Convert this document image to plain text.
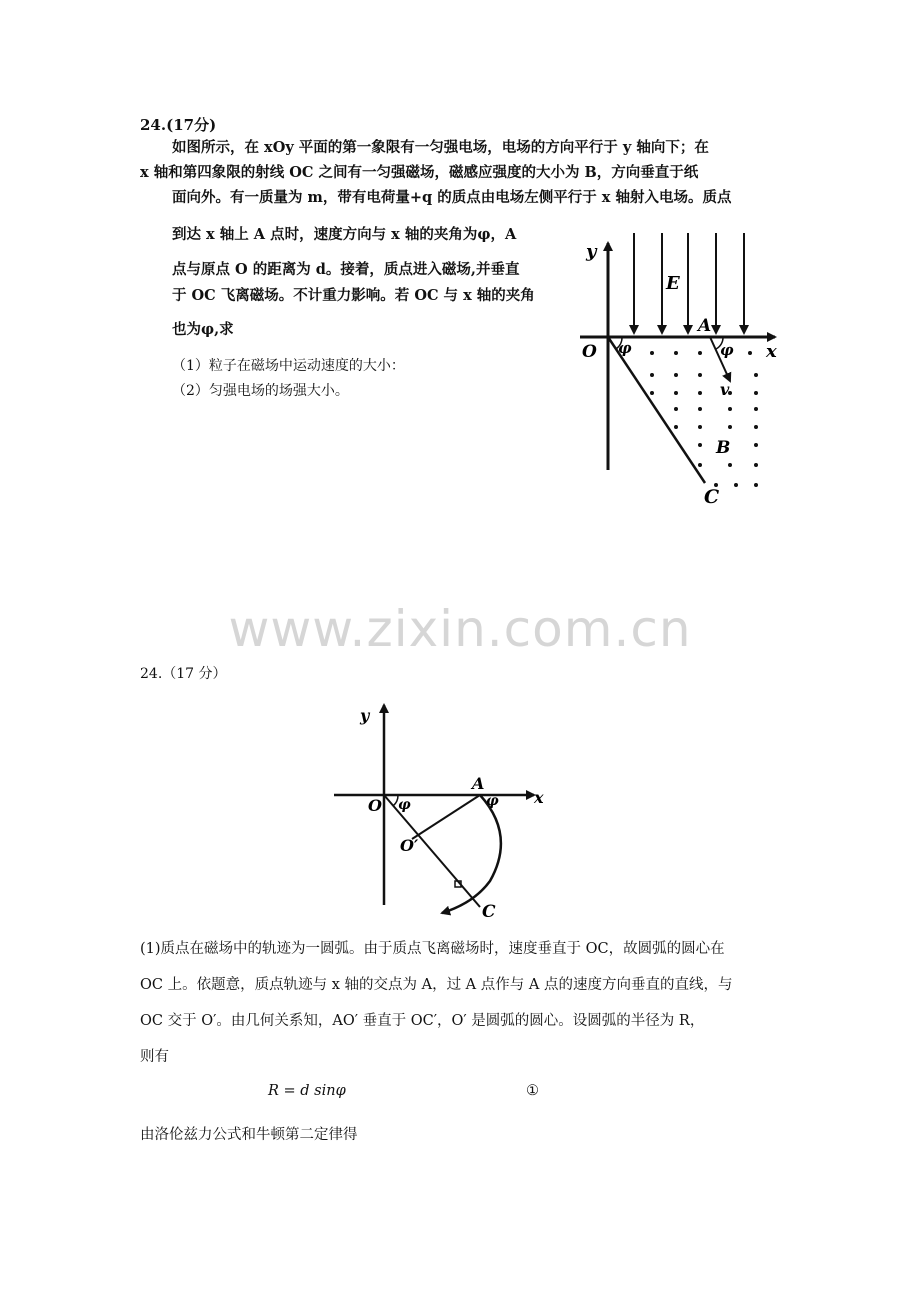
24.(17分)
如图所示，在 xOy 平面的第一象限有一匀强电场，电场的方向平行于 y 轴向下；在
x 轴和第四象限的射线 OC 之间有一匀强磁场，磁感应强度的大小为 B，方向垂直于纸
面向外。有一质量为 m，带有电荷量+q 的质点由电场左侧平行于 x 轴射入电场。质点
到达 x 轴上 A 点时，速度方向与 x 轴的夹角为φ，A
点与原点 O 的距离为 d。接着，质点进入磁场,并垂直
于 OC 飞离磁场。不计重力影响。若 OC 与 x 轴的夹角
也为φ,求
（1）粒子在磁场中运动速度的大小：
（2）匀强电场的场强大小。
y
x
E
A
O φ	φ
v
B
C
www.zixin.com.cn
24.（17 分）
y
x
O
A
O′
φ	φ
C
(1)质点在磁场中的轨迹为一圆弧。由于质点飞离磁场时，速度垂直于 OC，故圆弧的圆心在
OC 上。依题意，质点轨迹与 x 轴的交点为 A，过 A 点作与 A 点的速度方向垂直的直线，与
OC 交于 O′。由几何关系知，AO′ 垂直于 OC′，O′ 是圆弧的圆心。设圆弧的半径为 R，
则有
R = d sinφ	①
由洛伦兹力公式和牛顿第二定律得
